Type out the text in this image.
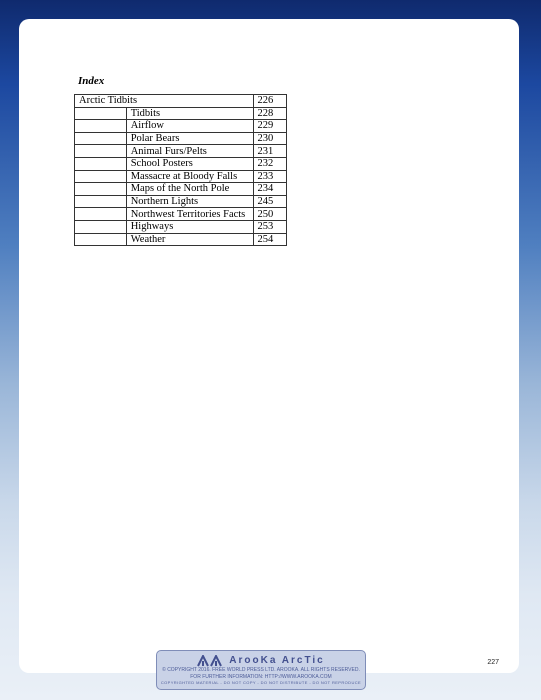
Index
Arctic Tidbits		226
	Tidbits	228
	Airflow	229
	Polar Bears	230
	Animal Furs/Pelts	231
	School Posters	232
	Massacre at Bloody Falls	233
	Maps of the North Pole	234
	Northern Lights	245
	Northwest Territories Facts	250
	Highways	253
	Weather	254
227
ArooKa ArcTic
© COPYRIGHT 2016. FREE WORLD PRESS LTD. AROOKA. ALL RIGHTS RESERVED.
FOR FURTHER INFORMATION: HTTP://WWW.AROOKA.COM
COPYRIGHTED MATERIAL - DO NOT COPY - DO NOT DISTRIBUTE - DO NOT REPRODUCE
